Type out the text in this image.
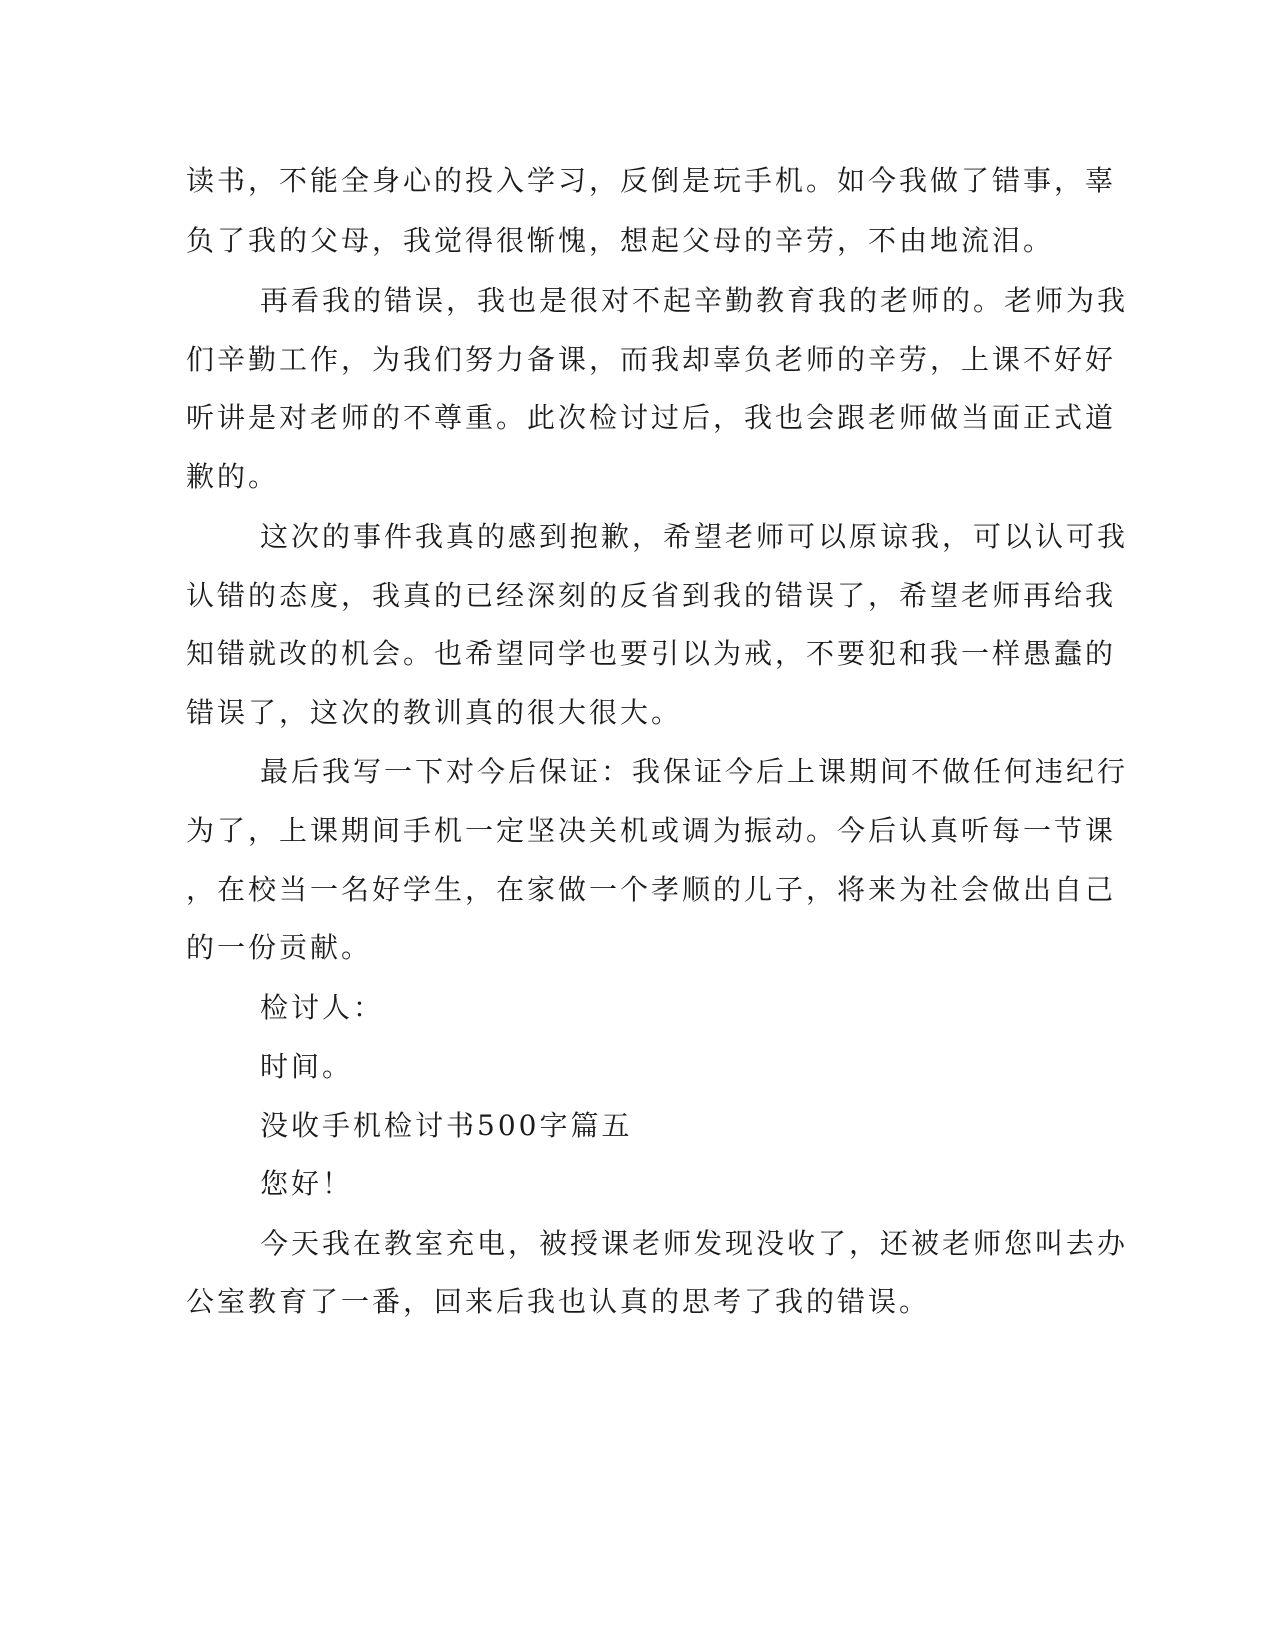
读书，不能全身心的投入学习，反倒是玩手机。如今我做了错事，辜
负了我的父母，我觉得很惭愧，想起父母的辛劳，不由地流泪。
再看我的错误，我也是很对不起辛勤教育我的老师的。老师为我
们辛勤工作，为我们努力备课，而我却辜负老师的辛劳，上课不好好
听讲是对老师的不尊重。此次检讨过后，我也会跟老师做当面正式道
歉的。
这次的事件我真的感到抱歉，希望老师可以原谅我，可以认可我
认错的态度，我真的已经深刻的反省到我的错误了，希望老师再给我
知错就改的机会。也希望同学也要引以为戒，不要犯和我一样愚蠢的
错误了，这次的教训真的很大很大。
最后我写一下对今后保证：我保证今后上课期间不做任何违纪行
为了，上课期间手机一定坚决关机或调为振动。今后认真听每一节课
，在校当一名好学生，在家做一个孝顺的儿子，将来为社会做出自己
的一份贡献。
检讨人：
时间。
没收手机检讨书500字篇五
您好！
今天我在教室充电，被授课老师发现没收了，还被老师您叫去办
公室教育了一番，回来后我也认真的思考了我的错误。
